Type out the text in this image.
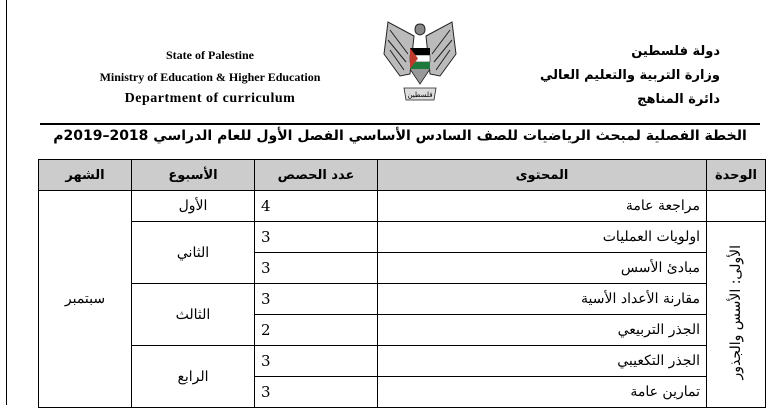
State of Palestine
Ministry of Education & Higher Education
Department of curriculum	فلسطين
دولة فلسطين
وزارة التربية والتعليم العالي
دائرة المناهج
الخطة الفصلية لمبحث الرياضيات للصف السادس الأساسي الفصل الأول للعام الدراسي 2018–2019م
الشهر	الأسبوع	عدد الحصص	المحتوى	الوحدة
سبتمبر	الأول	4	مراجعة عامة	
	الثاني	3	اولويات العمليات	الأولى: الأسس والجذور
		3	مبادئ الأسس	
	الثالث	3	مقارنة الأعداد الأسية	
		2	الجذر التربيعي	
	الرابع	3	الجذر التكعيبي	
		3	تمارين عامة	
